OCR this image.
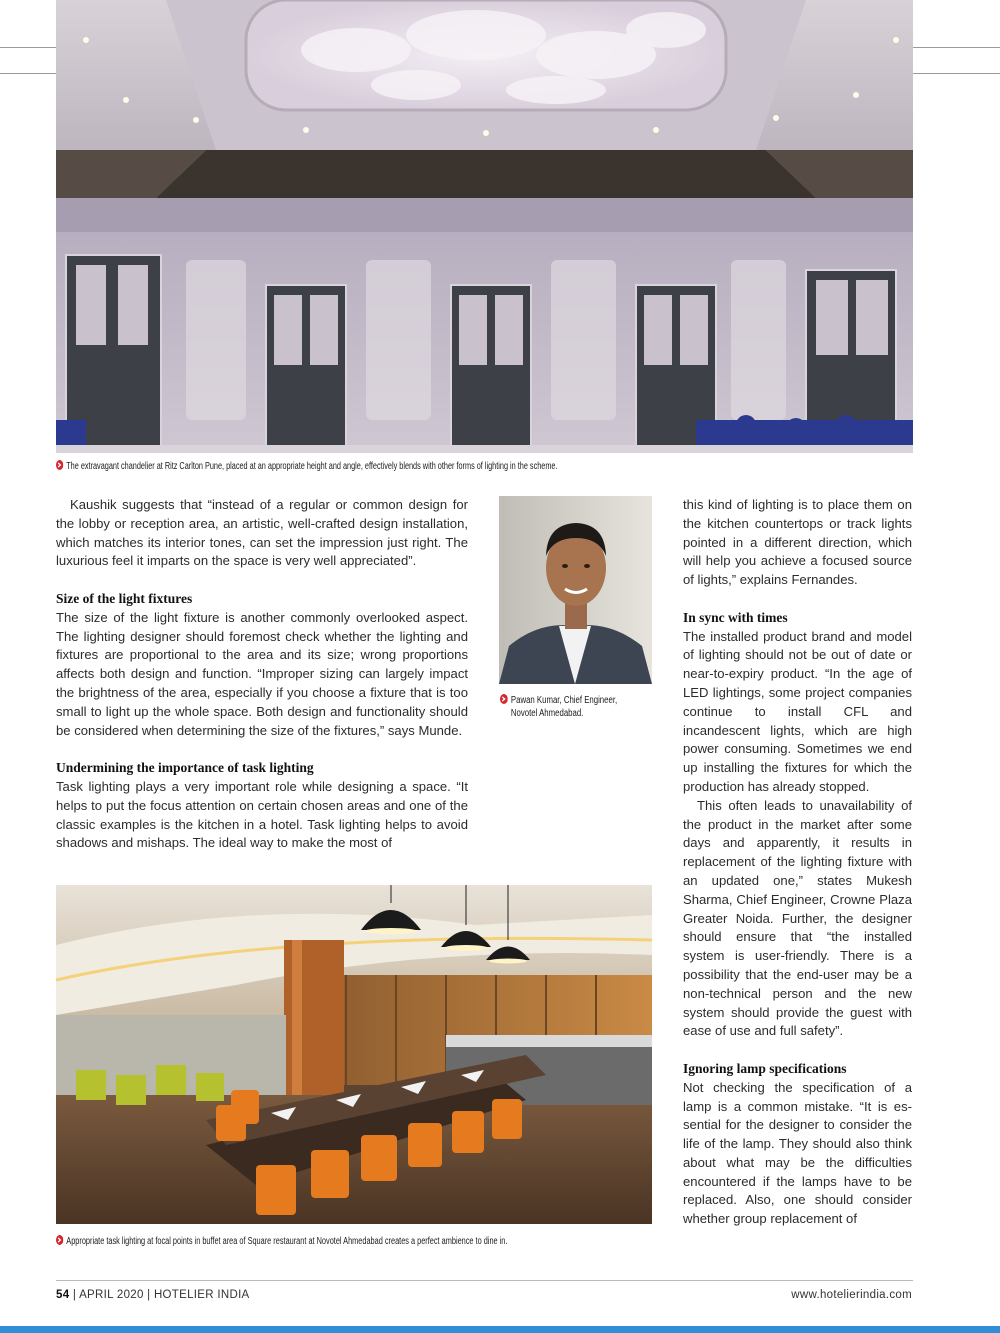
The extravagant chandelier at Ritz Carlton Pune, placed at an appropriate height and angle, effectively blends with other forms of lighting in the scheme.

Kaushik suggests that “instead of a regular or common design for the lobby or reception area, an artistic, well-crafted design installation, which matches its interior tones, can set the impression just right. The luxurious feel it imparts on the space is very well appreciated”.

Size of the light fixtures

The size of the light fixture is another commonly overlooked aspect. The lighting designer should foremost check whether the lighting and fixtures are proportional to the area and its size; wrong proportions affects both design and function. “Improper sizing can largely impact the brightness of the area, especially if you choose a fixture that is too small to light up the whole space. Both design and functionality should be considered when determining the size of the fixtures,” says Munde.

Undermining the importance of task lighting

Task lighting plays a very important role while designing a space. “It helps to put the focus attention on certain chosen areas and one of the classic examples is the kitchen in a hotel. Task lighting helps to avoid shadows and mishaps. The ideal way to make the most of

Pawan Kumar, Chief Engineer,
Novotel Ahmedabad.

this kind of lighting is to place them on the kitchen countertops or track lights pointed in a different direction, which will help you achieve a focused source of lights,” explains Fernandes.

In sync with times

The installed product brand and model of lighting should not be out of date or near-to-expiry product. “In the age of LED lightings, some project companies continue to install CFL and incandescent lights, which are high power consuming. Sometimes we end up installing the fixtures for which the production has already stopped.

This often leads to unavailability of the product in the market after some days and apparently, it results in replacement of the lighting fixture with an updated one,” states Mukesh Sharma, Chief Engineer, Crowne Plaza Greater Noida. Further, the designer should ensure that “the installed system is user-friendly. There is a possibility that the end-user may be a non-technical person and the new system should provide the guest with ease of use and full safety”.

Ignoring lamp specifications

Not checking the specification of a lamp is a common mistake. “It is essential for the designer to consider the life of the lamp. They should also think about what may be the difficulties encountered if the lamps have to be replaced. Also, one should consider whether group replacement of

Appropriate task lighting at focal points in buffet area of Square restaurant at Novotel Ahmedabad creates a perfect ambience to dine in.
54 | APRIL 2020 | HOTELIER INDIA	www.hotelierindia.com
